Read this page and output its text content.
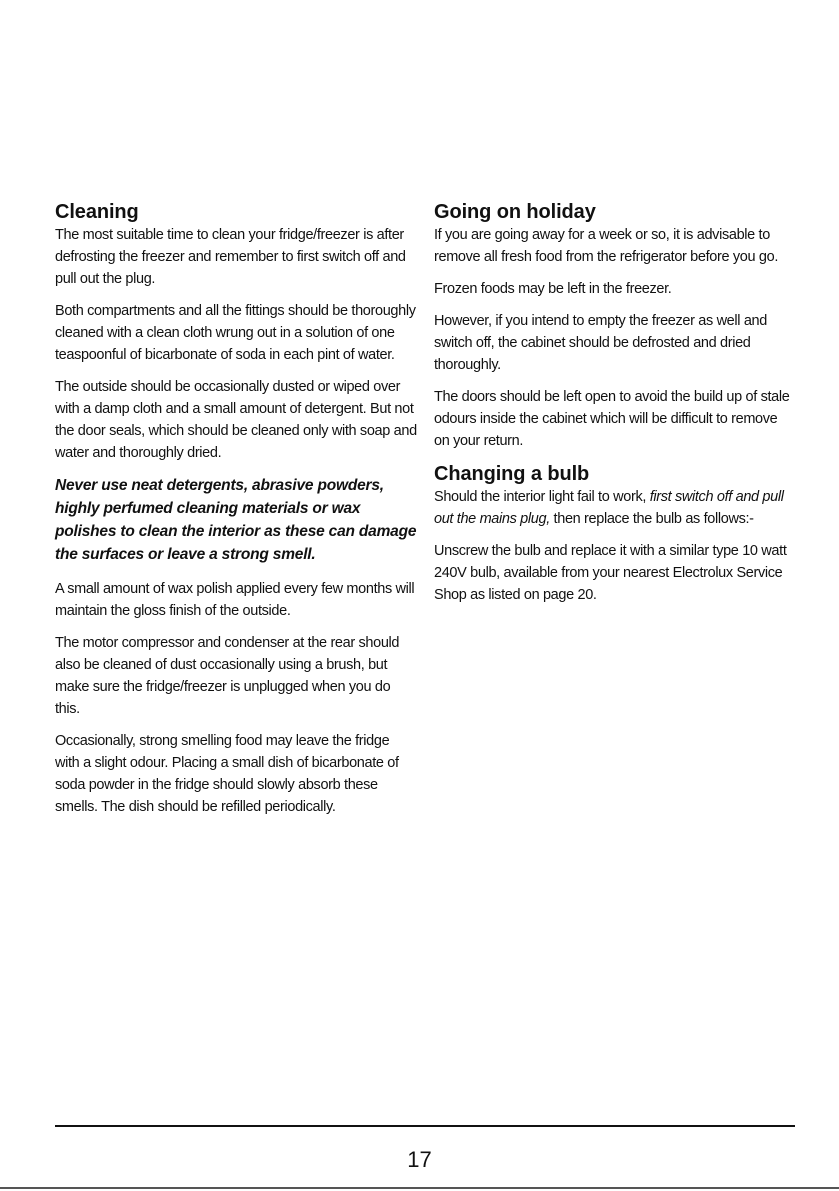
Cleaning

The most suitable time to clean your fridge/freezer is after defrosting the freezer and remember to first switch off and pull out the plug.

Both compartments and all the fittings should be thoroughly cleaned with a clean cloth wrung out in a solution of one teaspoonful of bicarbonate of soda in each pint of water.

The outside should be occasionally dusted or wiped over with a damp cloth and a small amount of detergent. But not the door seals, which should be cleaned only with soap and water and thoroughly dried.

Never use neat detergents, abrasive powders, highly perfumed cleaning materials or wax polishes to clean the interior as these can damage the surfaces or leave a strong smell.

A small amount of wax polish applied every few months will maintain the gloss finish of the outside.

The motor compressor and condenser at the rear should also be cleaned of dust occasionally using a brush, but make sure the fridge/freezer is unplugged when you do this.

Occasionally, strong smelling food may leave the fridge with a slight odour. Placing a small dish of bicarbonate of soda powder in the fridge should slowly absorb these smells. The dish should be refilled periodically.

Going on holiday

If you are going away for a week or so, it is advisable to remove all fresh food from the refrigerator before you go.

Frozen foods may be left in the freezer.

However, if you intend to empty the freezer as well and switch off, the cabinet should be defrosted and dried thoroughly.

The doors should be left open to avoid the build up of stale odours inside the cabinet which will be difficult to remove on your return.

Changing a bulb

Should the interior light fail to work, first switch off and pull out the mains plug, then replace the bulb as follows:-

Unscrew the bulb and replace it with a similar type 10 watt 240V bulb, available from your nearest Electrolux Service Shop as listed on page 20.

17
